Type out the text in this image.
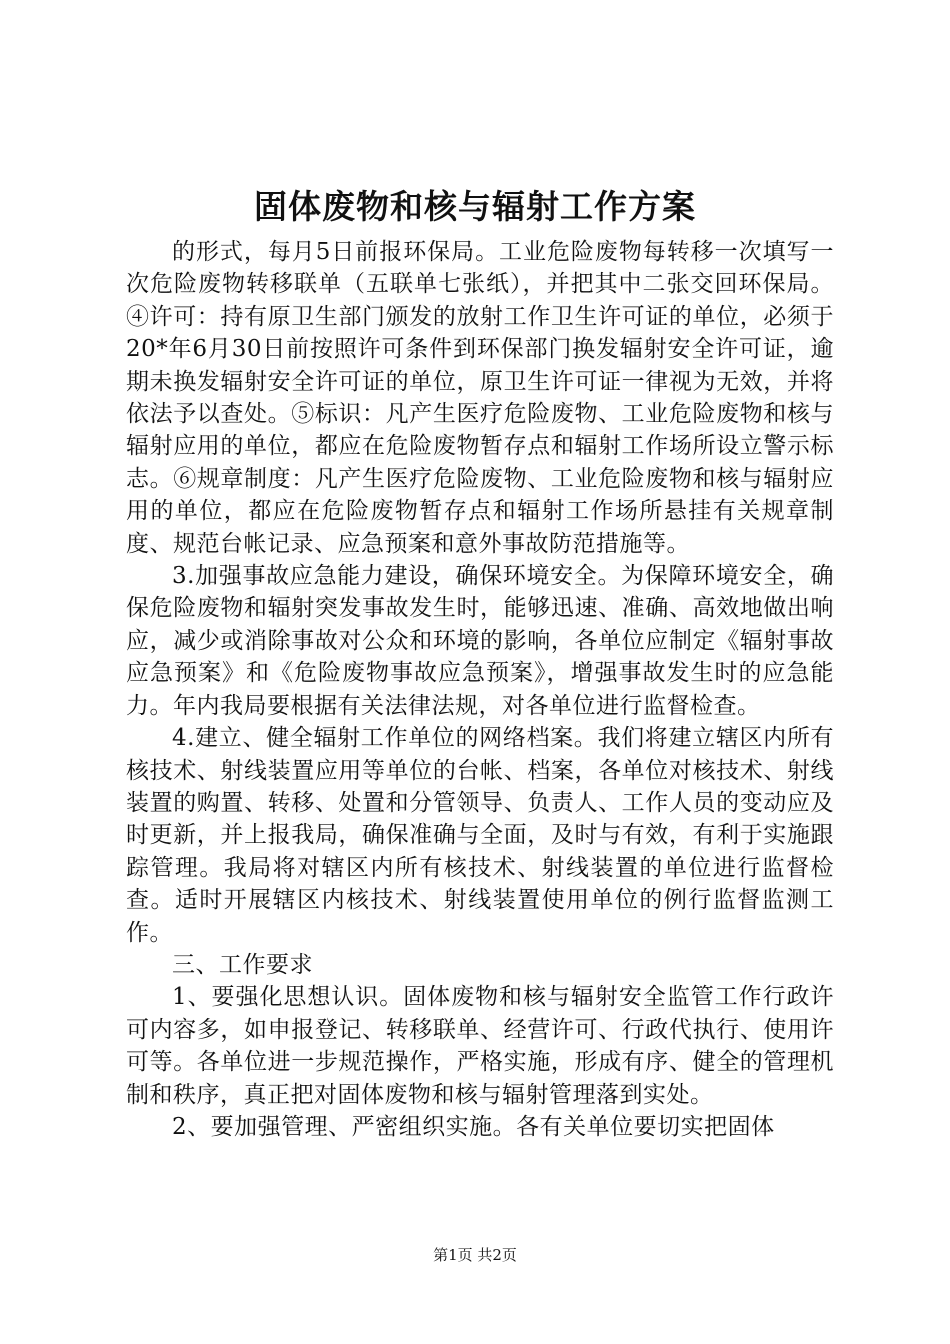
固体废物和核与辐射工作方案

的形式，每月5日前报环保局。工业危险废物每转移一次填写一次危险废物转移联单（五联单七张纸），并把其中二张交回环保局。④许可：持有原卫生部门颁发的放射工作卫生许可证的单位，必须于20*年6月30日前按照许可条件到环保部门换发辐射安全许可证，逾期未换发辐射安全许可证的单位，原卫生许可证一律视为无效，并将依法予以查处。⑤标识：凡产生医疗危险废物、工业危险废物和核与辐射应用的单位，都应在危险废物暂存点和辐射工作场所设立警示标志。⑥规章制度：凡产生医疗危险废物、工业危险废物和核与辐射应用的单位，都应在危险废物暂存点和辐射工作场所悬挂有关规章制度、规范台帐记录、应急预案和意外事故防范措施等。

3.加强事故应急能力建设，确保环境安全。为保障环境安全，确保危险废物和辐射突发事故发生时，能够迅速、准确、高效地做出响应，减少或消除事故对公众和环境的影响，各单位应制定《辐射事故应急预案》和《危险废物事故应急预案》，增强事故发生时的应急能力。年内我局要根据有关法律法规，对各单位进行监督检查。

4.建立、健全辐射工作单位的网络档案。我们将建立辖区内所有核技术、射线装置应用等单位的台帐、档案，各单位对核技术、射线装置的购置、转移、处置和分管领导、负责人、工作人员的变动应及时更新，并上报我局，确保准确与全面，及时与有效，有利于实施跟踪管理。我局将对辖区内所有核技术、射线装置的单位进行监督检查。适时开展辖区内核技术、射线装置使用单位的例行监督监测工作。

三、工作要求

1、要强化思想认识。固体废物和核与辐射安全监管工作行政许可内容多，如申报登记、转移联单、经营许可、行政代执行、使用许可等。各单位进一步规范操作，严格实施，形成有序、健全的管理机制和秩序，真正把对固体废物和核与辐射管理落到实处。

2、要加强管理、严密组织实施。各有关单位要切实把固体

第1页 共2页
